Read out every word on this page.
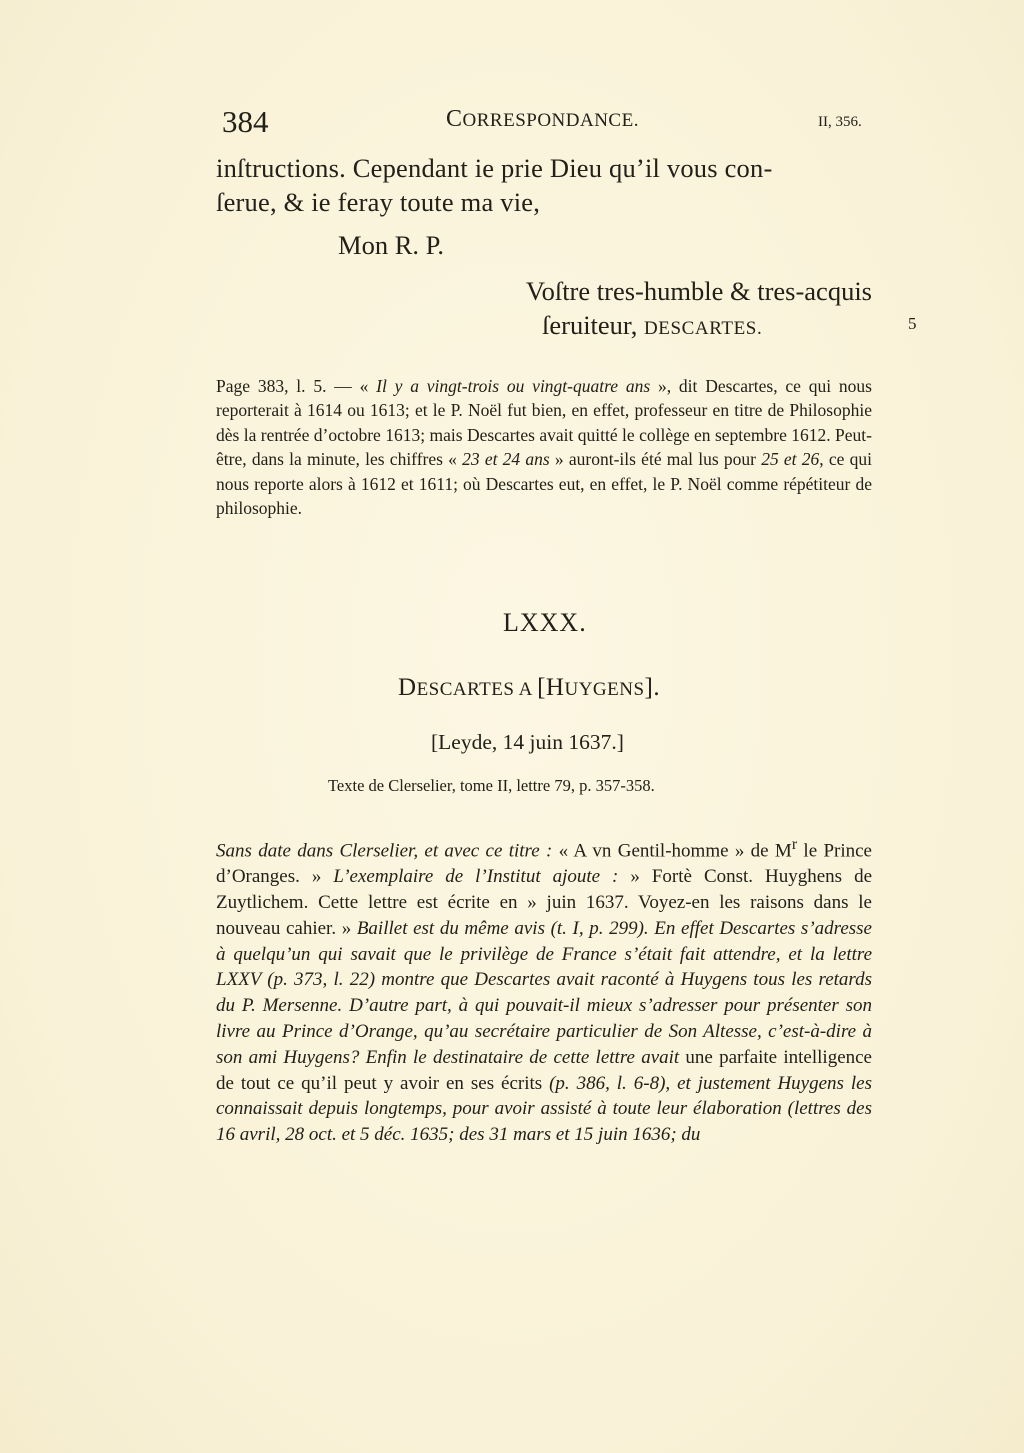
384	CORRESPONDANCE.	II, 356.
inſtructions. Cependant ie prie Dieu qu’il vous con-
ſerue, & ie feray toute ma vie,
Mon R. P.
Voſtre tres-humble & tres-acquis
ſeruiteur, DESCARTES.	5

Page 383, l. 5. — « Il y a vingt-trois ou vingt-quatre ans », dit Descartes, ce qui nous reporterait à 1614 ou 1613; et le P. Noël fut bien, en effet, professeur en titre de Philosophie dès la rentrée d’octobre 1613; mais Descartes avait quitté le collège en septembre 1612. Peut-être, dans la minute, les chiffres « 23 et 24 ans » auront-ils été mal lus pour 25 et 26, ce qui nous reporte alors à 1612 et 1611; où Descartes eut, en effet, le P. Noël comme répétiteur de philosophie.

LXXX.
DESCARTES A [HUYGENS].
[Leyde, 14 juin 1637.]
Texte de Clerselier, tome II, lettre 79, p. 357-358.

Sans date dans Clerselier, et avec ce titre : « A vn Gentil-homme » de $M^r$ le Prince d’Oranges. » L’exemplaire de l’Institut ajoute : » Fortè Const. Huyghens de Zuytlichem. Cette lettre est écrite en » juin 1637. Voyez-en les raisons dans le nouveau cahier. » Baillet est du même avis (t. I, p. 299). En effet Descartes s’adresse à quelqu’un qui savait que le privilège de France s’était fait attendre, et la lettre LXXV (p. 373, l. 22) montre que Descartes avait raconté à Huygens tous les retards du P. Mersenne. D’autre part, à qui pouvait-il mieux s’adresser pour présenter son livre au Prince d’Orange, qu’au secrétaire particulier de Son Altesse, c’est-à-dire à son ami Huygens? Enfin le destinataire de cette lettre avait une parfaite intelligence de tout ce qu’il peut y avoir en ses écrits (p. 386, l. 6-8), et justement Huygens les connaissait depuis longtemps, pour avoir assisté à toute leur élaboration (lettres des 16 avril, 28 oct. et 5 déc. 1635; des 31 mars et 15 juin 1636; du
